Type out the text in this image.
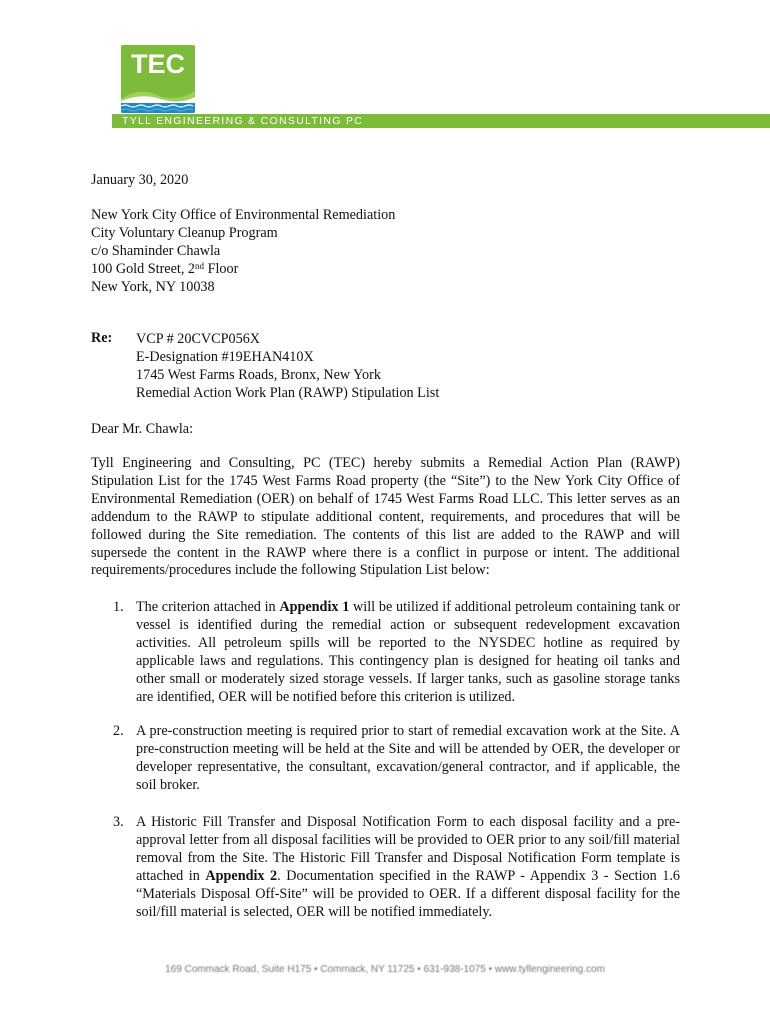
TEC
TYLL ENGINEERING & CONSULTING PC

January 30, 2020

New York City Office of Environmental Remediation

City Voluntary Cleanup Program

c/o Shaminder Chawla

100 Gold Street, 2nd Floor

New York, NY 10038

Re: VCP # 20CVCP056X
E-Designation #19EHAN410X
1745 West Farms Roads, Bronx, New York
Remedial Action Work Plan (RAWP) Stipulation List

Dear Mr. Chawla:

Tyll Engineering and Consulting, PC (TEC) hereby submits a Remedial Action Plan (RAWP) Stipulation List for the 1745 West Farms Road property (the “Site”) to the New York City Office of Environmental Remediation (OER) on behalf of 1745 West Farms Road LLC. This letter serves as an addendum to the RAWP to stipulate additional content, requirements, and procedures that will be followed during the Site remediation. The contents of this list are added to the RAWP and will supersede the content in the RAWP where there is a conflict in purpose or intent. The additional requirements/procedures include the following Stipulation List below:

1. The criterion attached in Appendix 1 will be utilized if additional petroleum containing tank or vessel is identified during the remedial action or subsequent redevelopment excavation activities. All petroleum spills will be reported to the NYSDEC hotline as required by applicable laws and regulations. This contingency plan is designed for heating oil tanks and other small or moderately sized storage vessels. If larger tanks, such as gasoline storage tanks are identified, OER will be notified before this criterion is utilized.

2. A pre-construction meeting is required prior to start of remedial excavation work at the Site. A pre-construction meeting will be held at the Site and will be attended by OER, the developer or developer representative, the consultant, excavation/general contractor, and if applicable, the soil broker.

3. A Historic Fill Transfer and Disposal Notification Form to each disposal facility and a pre-approval letter from all disposal facilities will be provided to OER prior to any soil/fill material removal from the Site. The Historic Fill Transfer and Disposal Notification Form template is attached in Appendix 2. Documentation specified in the RAWP - Appendix 3 - Section 1.6 “Materials Disposal Off-Site” will be provided to OER. If a different disposal facility for the soil/fill material is selected, OER will be notified immediately.

169 Commack Road, Suite H175 • Commack, NY 11725 • 631-938-1075 • www.tyllengineering.com
